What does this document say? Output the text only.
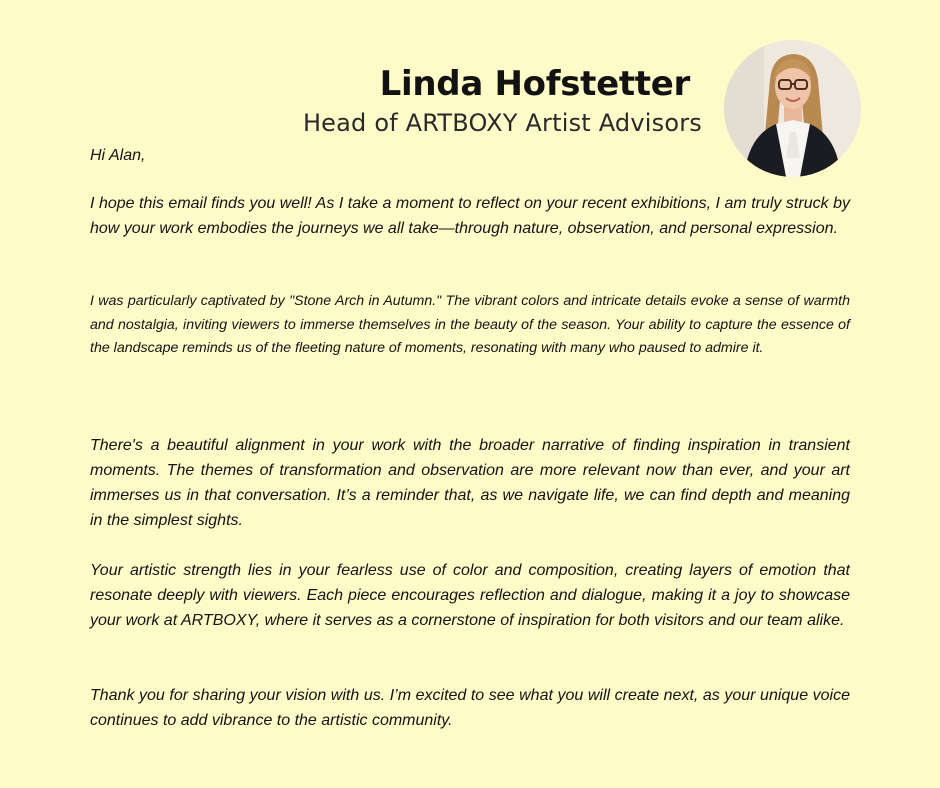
Linda Hofstetter
Head of ARTBOXY Artist Advisors
Hi Alan,
I hope this email finds you well! As I take a moment to reflect on your recent exhibitions, I am truly struck by how your work embodies the journeys we all take—through nature, observation, and personal expression.
I was particularly captivated by "Stone Arch in Autumn." The vibrant colors and intricate details evoke a sense of warmth and nostalgia, inviting viewers to immerse themselves in the beauty of the season. Your ability to capture the essence of the landscape reminds us of the fleeting nature of moments, resonating with many who paused to admire it.
There's a beautiful alignment in your work with the broader narrative of finding inspiration in transient moments. The themes of transformation and observation are more relevant now than ever, and your art immerses us in that conversation. It’s a reminder that, as we navigate life, we can find depth and meaning in the simplest sights.
Your artistic strength lies in your fearless use of color and composition, creating layers of emotion that resonate deeply with viewers. Each piece encourages reflection and dialogue, making it a joy to showcase your work at ARTBOXY, where it serves as a cornerstone of inspiration for both visitors and our team alike.
Thank you for sharing your vision with us. I’m excited to see what you will create next, as your unique voice continues to add vibrance to the artistic community.
